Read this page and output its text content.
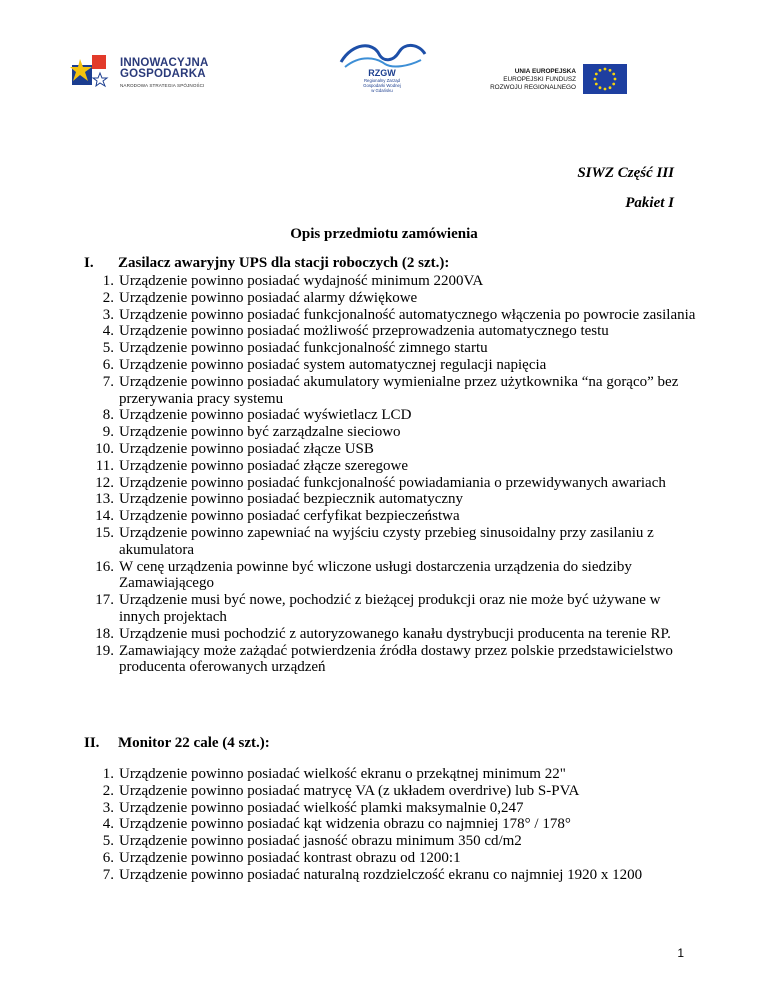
INNOWACYJNA
GOSPODARKA
NARODOWA STRATEGIA SPÓJNOŚCI
RZGW
Regionalny Zarząd
Gospodarki Wodnej
w Gdańsku
UNIA EUROPEJSKA
EUROPEJSKI FUNDUSZ
ROZWOJU REGIONALNEGO
SIWZ Część III
Pakiet I
Opis przedmiotu zamówienia
I. Zasilacz awaryjny UPS dla stacji roboczych (2 szt.):
1. Urządzenie powinno posiadać wydajność minimum 2200VA
2. Urządzenie powinno posiadać alarmy dźwiękowe
3. Urządzenie powinno posiadać funkcjonalność automatycznego włączenia po powrocie zasilania
4. Urządzenie powinno posiadać możliwość przeprowadzenia automatycznego testu
5. Urządzenie powinno posiadać funkcjonalność zimnego startu
6. Urządzenie powinno posiadać system automatycznej regulacji napięcia
7. Urządzenie powinno posiadać akumulatory wymienialne przez użytkownika “na gorąco” bez przerywania pracy systemu
8. Urządzenie powinno posiadać wyświetlacz LCD
9. Urządzenie powinno być zarządzalne sieciowo
10. Urządzenie powinno posiadać złącze USB
11. Urządzenie powinno posiadać złącze szeregowe
12. Urządzenie powinno posiadać funkcjonalność powiadamiania o przewidywanych awariach
13. Urządzenie powinno posiadać bezpiecznik automatyczny
14. Urządzenie powinno posiadać cerfyfikat bezpieczeństwa
15. Urządzenie powinno zapewniać na wyjściu czysty przebieg sinusoidalny przy zasilaniu z akumulatora
16. W cenę urządzenia powinne być wliczone usługi dostarczenia urządzenia do siedziby Zamawiającego
17. Urządzenie musi być nowe, pochodzić z bieżącej produkcji oraz nie może być używane w innych projektach
18. Urządzenie musi pochodzić z autoryzowanego kanału dystrybucji producenta na terenie RP.
19. Zamawiający może zażądać potwierdzenia źródła dostawy przez polskie przedstawicielstwo producenta oferowanych urządzeń
II. Monitor 22 cale (4 szt.):
1. Urządzenie powinno posiadać wielkość ekranu o przekątnej minimum 22"
2. Urządzenie powinno posiadać matrycę VA (z układem overdrive) lub S-PVA
3. Urządzenie powinno posiadać wielkość plamki maksymalnie 0,247
4. Urządzenie powinno posiadać kąt widzenia obrazu co najmniej 178° / 178°
5. Urządzenie powinno posiadać jasność obrazu minimum 350 cd/m2
6. Urządzenie powinno posiadać kontrast obrazu od 1200:1
7. Urządzenie powinno posiadać naturalną rozdzielczość ekranu co najmniej 1920 x 1200
1
